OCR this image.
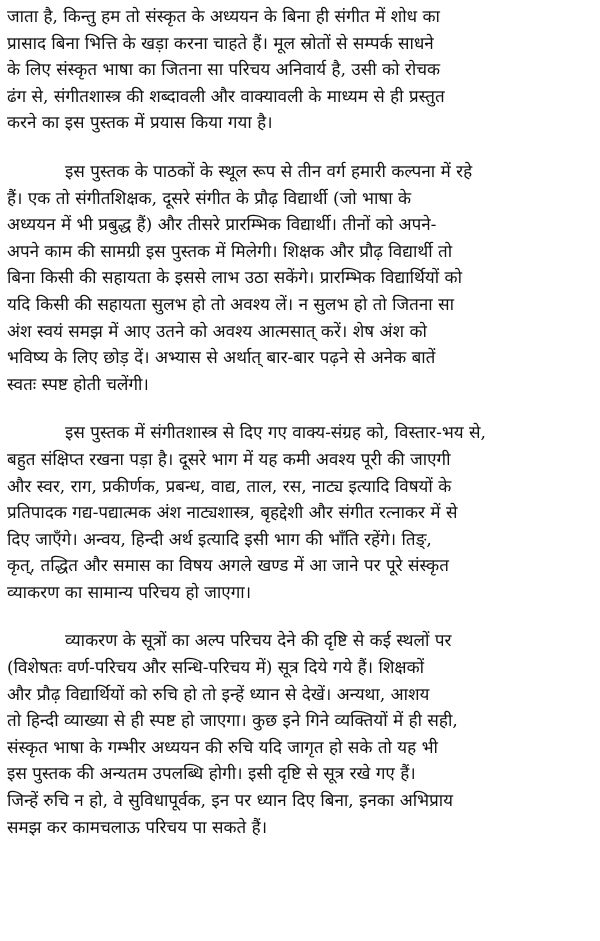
जाता है, किन्तु हम तो संस्कृत के अध्ययन के बिना ही संगीत में शोध का
प्रासाद बिना भित्ति के खड़ा करना चाहते हैं। मूल स्रोतों से सम्पर्क साधने
के लिए संस्कृत भाषा का जितना सा परिचय अनिवार्य है, उसी को रोचक
ढंग से, संगीतशास्त्र की शब्दावली और वाक्यावली के माध्यम से ही प्रस्तुत
करने का इस पुस्तक में प्रयास किया गया है।

इस पुस्तक के पाठकों के स्थूल रूप से तीन वर्ग हमारी कल्पना में रहे
हैं। एक तो संगीतशिक्षक, दूसरे संगीत के प्रौढ़ विद्यार्थी (जो भाषा के
अध्ययन में भी प्रबुद्ध हैं) और तीसरे प्रारम्भिक विद्यार्थी। तीनों को अपने-
अपने काम की सामग्री इस पुस्तक में मिलेगी। शिक्षक और प्रौढ़ विद्यार्थी तो
बिना किसी की सहायता के इससे लाभ उठा सकेंगे। प्रारम्भिक विद्यार्थियों को
यदि किसी की सहायता सुलभ हो तो अवश्य लें। न सुलभ हो तो जितना सा
अंश स्वयं समझ में आए उतने को अवश्य आत्मसात् करें। शेष अंश को
भविष्य के लिए छोड़ दें। अभ्यास से अर्थात् बार-बार पढ़ने से अनेक बातें
स्वतः स्पष्ट होती चलेंगी।

इस पुस्तक में संगीतशास्त्र से दिए गए वाक्य-संग्रह को, विस्तार-भय से,
बहुत संक्षिप्त रखना पड़ा है। दूसरे भाग में यह कमी अवश्य पूरी की जाएगी
और स्वर, राग, प्रकीर्णक, प्रबन्ध, वाद्य, ताल, रस, नाट्य इत्यादि विषयों के
प्रतिपादक गद्य-पद्यात्मक अंश नाट्यशास्त्र, बृहद्देशी और संगीत रत्नाकर में से
दिए जाएँगे। अन्वय, हिन्दी अर्थ इत्यादि इसी भाग की भाँति रहेंगे। तिङ्,
कृत्, तद्धित और समास का विषय अगले खण्ड में आ जाने पर पूरे संस्कृत
व्याकरण का सामान्य परिचय हो जाएगा।

व्याकरण के सूत्रों का अल्प परिचय देने की दृष्टि से कई स्थलों पर
(विशेषतः वर्ण-परिचय और सन्धि-परिचय में) सूत्र दिये गये हैं। शिक्षकों
और प्रौढ़ विद्यार्थियों को रुचि हो तो इन्हें ध्यान से देखें। अन्यथा, आशय
तो हिन्दी व्याख्या से ही स्पष्ट हो जाएगा। कुछ इने गिने व्यक्तियों में ही सही,
संस्कृत भाषा के गम्भीर अध्ययन की रुचि यदि जागृत हो सके तो यह भी
इस पुस्तक की अन्यतम उपलब्धि होगी। इसी दृष्टि से सूत्र रखे गए हैं।
जिन्हें रुचि न हो, वे सुविधापूर्वक, इन पर ध्यान दिए बिना, इनका अभिप्राय
समझ कर कामचलाऊ परिचय पा सकते हैं।
